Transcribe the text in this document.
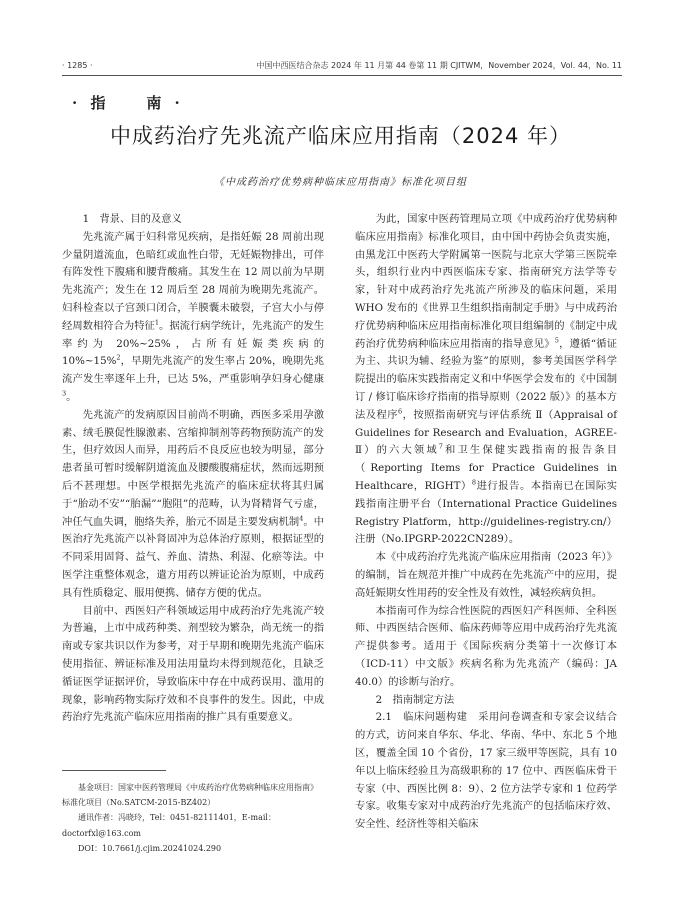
· 1285 ·	中国中西医结合杂志 2024 年 11 月第 44 卷第 11 期 CJITWM，November 2024，Vol. 44，No. 11
· 指    南 ·
中成药治疗先兆流产临床应用指南（2024 年）
《中成药治疗优势病种临床应用指南》标准化项目组
1　背景、目的及意义

先兆流产属于妇科常见疾病，是指妊娠 28 周前出现少量阴道流血，色暗红或血性白带，无妊娠物排出，可伴有阵发性下腹痛和腰背酸痛。其发生在 12 周以前为早期先兆流产；发生在 12 周后至 28 周前为晚期先兆流产。妇科检查以子宫颈口闭合，羊膜囊未破裂，子宫大小与停经周数相符合为特征$^1$。据流行病学统计，先兆流产的发生率约为 20%~25%，占所有妊娠类疾病的 10%~15%$^2$，早期先兆流产的发生率占 20%，晚期先兆流产发生率逐年上升，已达 5%，严重影响孕妇身心健康$^3$。

先兆流产的发病原因目前尚不明确，西医多采用孕激素、绒毛膜促性腺激素、宫缩抑制剂等药物预防流产的发生，但疗效因人而异，用药后不良反应也较为明显，部分患者虽可暂时缓解阴道流血及腰酸腹痛症状，然而远期预后不甚理想。中医学根据先兆流产的临床症状将其归属于“胎动不安”“胎漏”“胞阻”的范畴，认为肾精肾气亏虚，冲任气血失调，胞络失养，胎元不固是主要发病机制$^4$。中医治疗先兆流产以补肾固冲为总体治疗原则，根据证型的不同采用固肾、益气、养血、清热、利湿、化瘀等法。中医学注重整体观念，遣方用药以辨证论治为原则，中成药具有性质稳定、服用便携、储存方便的优点。

目前中、西医妇产科领域运用中成药治疗先兆流产较为普遍，上市中成药种类、剂型较为繁杂，尚无统一的指南或专家共识以作为参考，对于早期和晚期先兆流产临床使用指征、辨证标准及用法用量均未得到规范化，且缺乏循证医学证据评价，导致临床中存在中成药误用、滥用的现象，影响药物实际疗效和不良事件的发生。因此，中成药治疗先兆流产临床应用指南的推广具有重要意义。

为此，国家中医药管理局立项《中成药治疗优势病种临床应用指南》标准化项目，由中国中药协会负责实施，由黑龙江中医药大学附属第一医院与北京大学第三医院牵头，组织行业内中西医临床专家、指南研究方法学等专家，针对中成药治疗先兆流产所涉及的临床问题，采用 WHO 发布的《世界卫生组织指南制定手册》与中成药治疗优势病种临床应用指南标准化项目组编制的《制定中成药治疗优势病种临床应用指南的指导意见》$^5$，遵循“循证为主、共识为辅、经验为鉴”的原则，参考美国医学科学院提出的临床实践指南定义和中华医学会发布的《中国制订 / 修订临床诊疗指南的指导原则（2022 版）》的基本方法及程序$^6$，按照指南研究与评估系统 Ⅱ（Appraisal of Guidelines for Research and Evaluation，AGREE- Ⅱ）的六大领域$^7$和卫生保健实践指南的报告条目（Reporting Items for Practice Guidelines in Healthcare，RIGHT）$^8$进行报告。本指南已在国际实践指南注册平台（International Practice Guidelines Registry Platform，http://guidelines-registry.cn/）注册（No.IPGRP-2022CN289）。

本《中成药治疗先兆流产临床应用指南（2023 年）》的编制，旨在规范并推广中成药在先兆流产中的应用，提高妊娠期女性用药的安全性及有效性，减轻疾病负担。

本指南可作为综合性医院的西医妇产科医师、全科医师、中西医结合医师、临床药师等应用中成药治疗先兆流产提供参考。适用于《国际疾病分类第十一次修订本（ICD-11）中文版》疾病名称为先兆流产（编码：JA 40.0）的诊断与治疗。

2　指南制定方法

2.1　临床问题构建　 采用问卷调查和专家会议结合的方式，访问来自华东、华北、华南、华中、东北 5 个地区，覆盖全国 10 个省份，17 家三级甲等医院，具有 10 年以上临床经验且为高级职称的 17 位中、西医临床骨干专家（中、西医比例 8：9）、2 位方法学专家和 1 位药学专家。收集专家对中成药治疗先兆流产的包括临床疗效、安全性、经济性等相关临床

基金项目：国家中医药管理局《中成药治疗优势病种临床应用指南》标准化项目（No.SATCM-2015-BZ402）
通讯作者：冯晓玲，Tel：0451-82111401，E-mail：doctorfxl@163.com
DOI：10.7661/j.cjim.20241024.290
